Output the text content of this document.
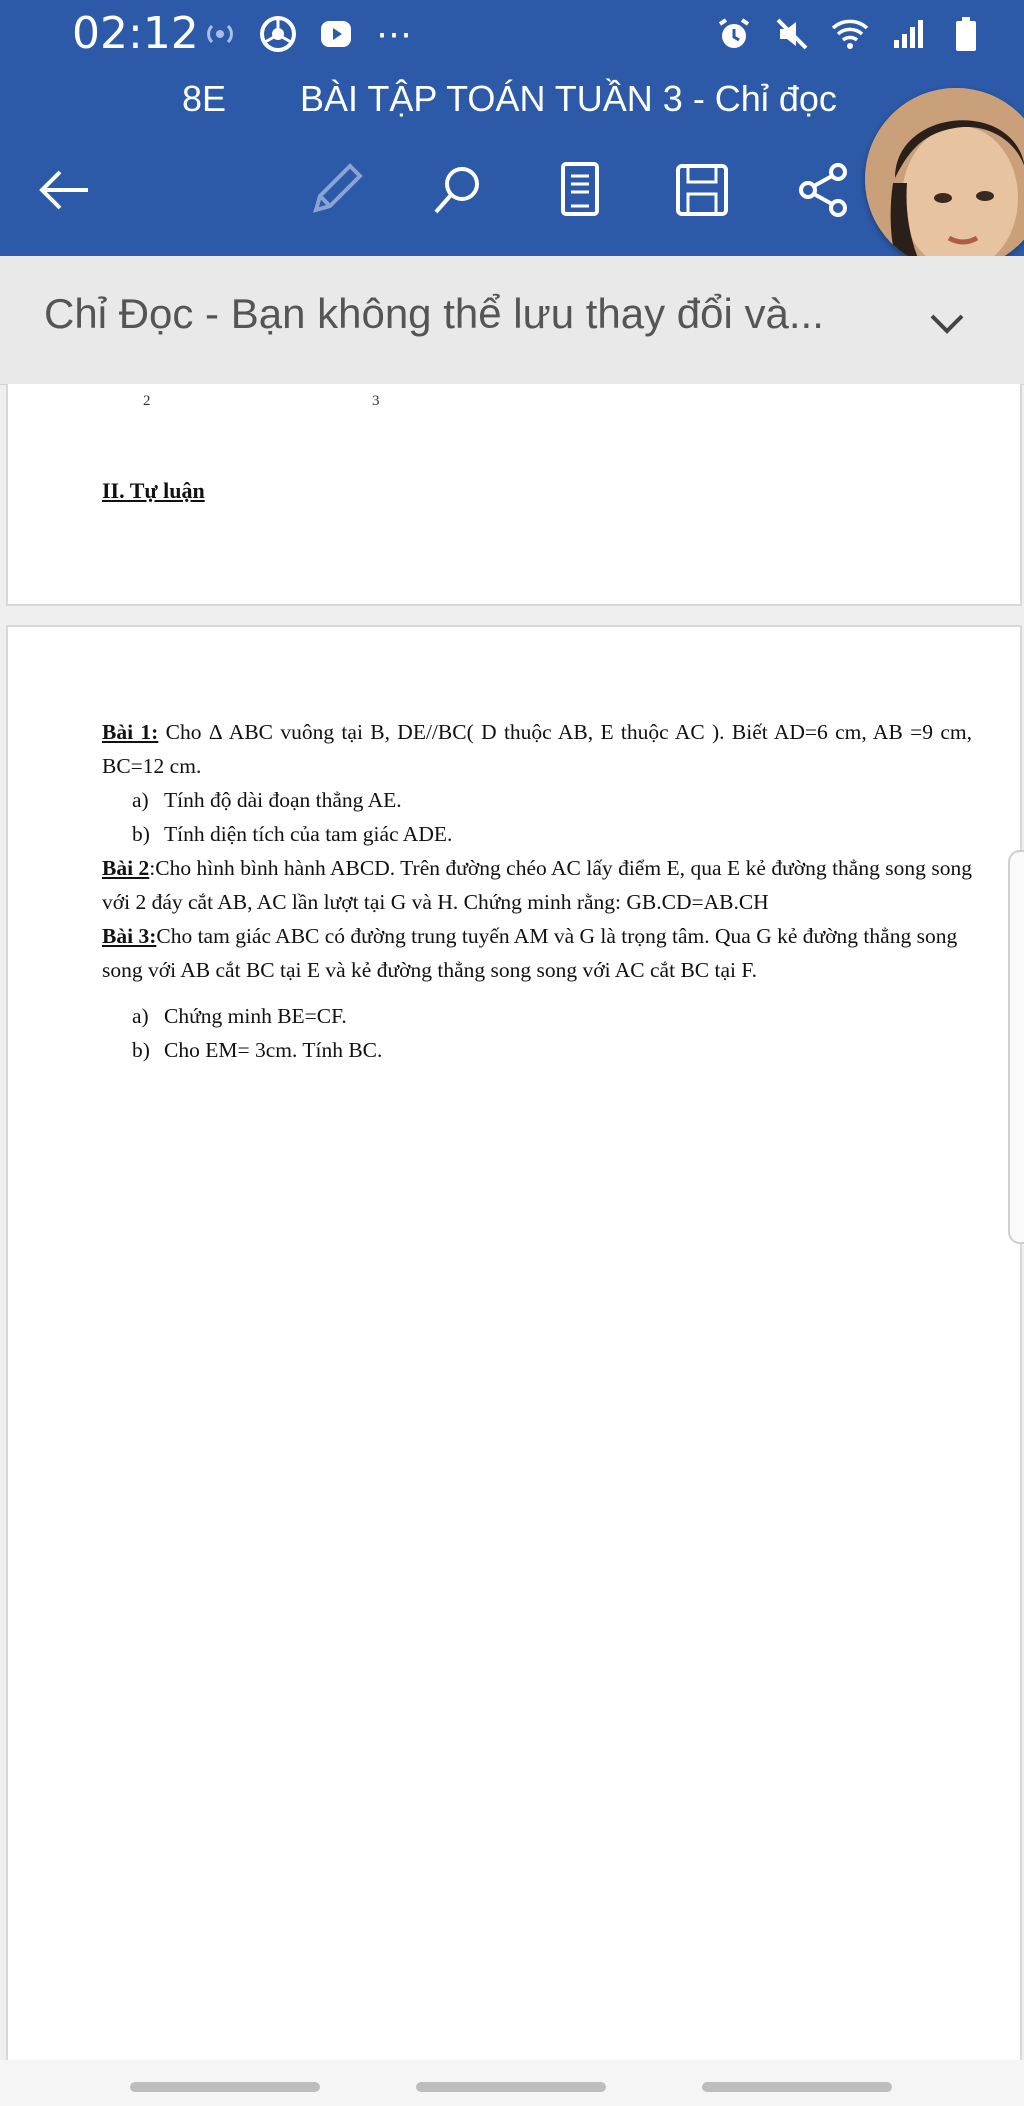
02:12	⋯
8E BÀI TẬP TOÁN TUẦN 3 - Chỉ đọc
Chỉ Đọc - Bạn không thể lưu thay đổi và...
2	3
II. Tự luận

Bài 1: Cho Δ ABC vuông tại B, DE//BC( D thuộc AB, E thuộc AC ). Biết AD=6 cm, AB =9 cm, BC=12 cm.

a) Tính độ dài đoạn thẳng AE.

b) Tính diện tích của tam giác ADE.

Bài 2:Cho hình bình hành ABCD. Trên đường chéo AC lấy điểm E, qua E kẻ đường thẳng song song với 2 đáy cắt AB, AC lần lượt tại G và H. Chứng minh rằng: GB.CD=AB.CH

Bài 3:Cho tam giác ABC có đường trung tuyến AM và G là trọng tâm. Qua G kẻ đường thẳng song song với AB cắt BC tại E và kẻ đường thẳng song song với AC cắt BC tại F.

a) Chứng minh BE=CF.

b) Cho EM= 3cm. Tính BC.
